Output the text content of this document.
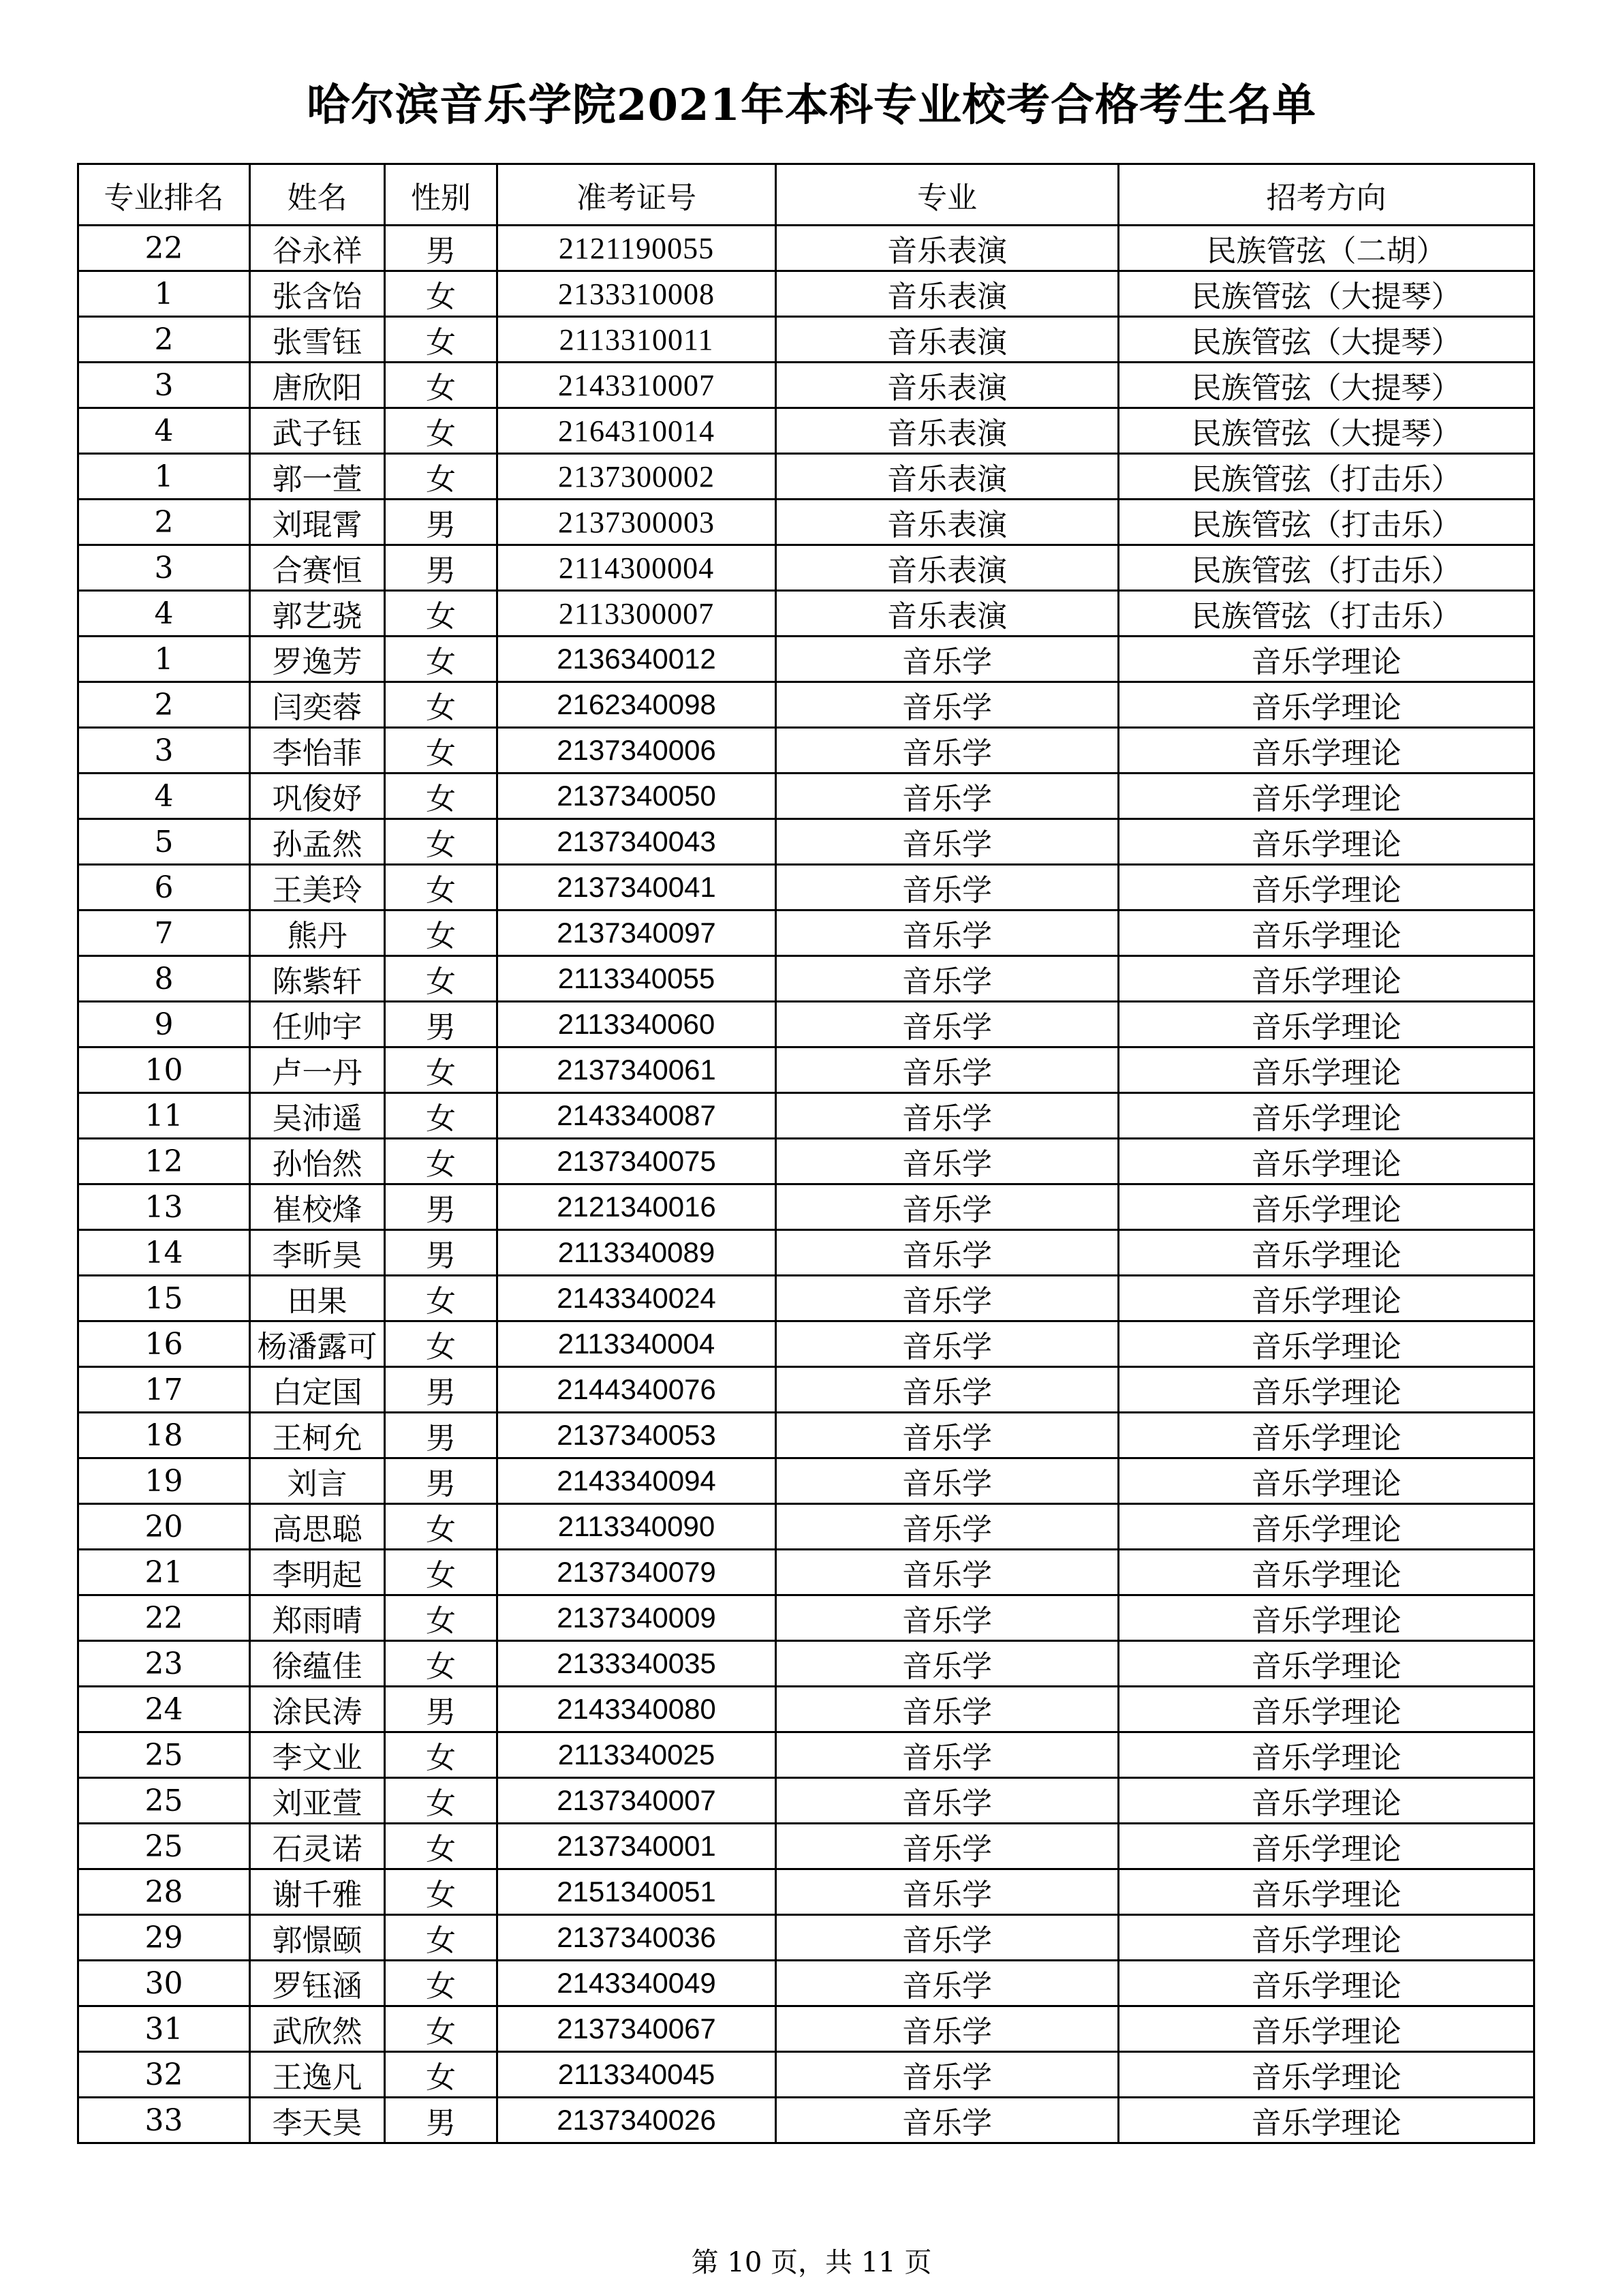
哈尔滨音乐学院2021年本科专业校考合格考生名单
专业排名	姓名	性别	准考证号	专业	招考方向
22	谷永祥	男	2121190055	音乐表演	民族管弦（二胡）
1	张含饴	女	2133310008	音乐表演	民族管弦（大提琴）
2	张雪钰	女	2113310011	音乐表演	民族管弦（大提琴）
3	唐欣阳	女	2143310007	音乐表演	民族管弦（大提琴）
4	武子钰	女	2164310014	音乐表演	民族管弦（大提琴）
1	郭一萱	女	2137300002	音乐表演	民族管弦（打击乐）
2	刘琨霄	男	2137300003	音乐表演	民族管弦（打击乐）
3	合赛恒	男	2114300004	音乐表演	民族管弦（打击乐）
4	郭艺骁	女	2113300007	音乐表演	民族管弦（打击乐）
1	罗逸芳	女	2136340012	音乐学	音乐学理论
2	闫奕蓉	女	2162340098	音乐学	音乐学理论
3	李怡菲	女	2137340006	音乐学	音乐学理论
4	巩俊妤	女	2137340050	音乐学	音乐学理论
5	孙孟然	女	2137340043	音乐学	音乐学理论
6	王美玲	女	2137340041	音乐学	音乐学理论
7	熊丹	女	2137340097	音乐学	音乐学理论
8	陈紫轩	女	2113340055	音乐学	音乐学理论
9	任帅宇	男	2113340060	音乐学	音乐学理论
10	卢一丹	女	2137340061	音乐学	音乐学理论
11	吴沛遥	女	2143340087	音乐学	音乐学理论
12	孙怡然	女	2137340075	音乐学	音乐学理论
13	崔校烽	男	2121340016	音乐学	音乐学理论
14	李昕昊	男	2113340089	音乐学	音乐学理论
15	田果	女	2143340024	音乐学	音乐学理论
16	杨潘露可	女	2113340004	音乐学	音乐学理论
17	白定国	男	2144340076	音乐学	音乐学理论
18	王柯允	男	2137340053	音乐学	音乐学理论
19	刘言	男	2143340094	音乐学	音乐学理论
20	高思聪	女	2113340090	音乐学	音乐学理论
21	李明起	女	2137340079	音乐学	音乐学理论
22	郑雨晴	女	2137340009	音乐学	音乐学理论
23	徐蕴佳	女	2133340035	音乐学	音乐学理论
24	涂民涛	男	2143340080	音乐学	音乐学理论
25	李文业	女	2113340025	音乐学	音乐学理论
25	刘亚萱	女	2137340007	音乐学	音乐学理论
25	石灵诺	女	2137340001	音乐学	音乐学理论
28	谢千雅	女	2151340051	音乐学	音乐学理论
29	郭憬颐	女	2137340036	音乐学	音乐学理论
30	罗钰涵	女	2143340049	音乐学	音乐学理论
31	武欣然	女	2137340067	音乐学	音乐学理论
32	王逸凡	女	2113340045	音乐学	音乐学理论
33	李天昊	男	2137340026	音乐学	音乐学理论
第 10 页，共 11 页
